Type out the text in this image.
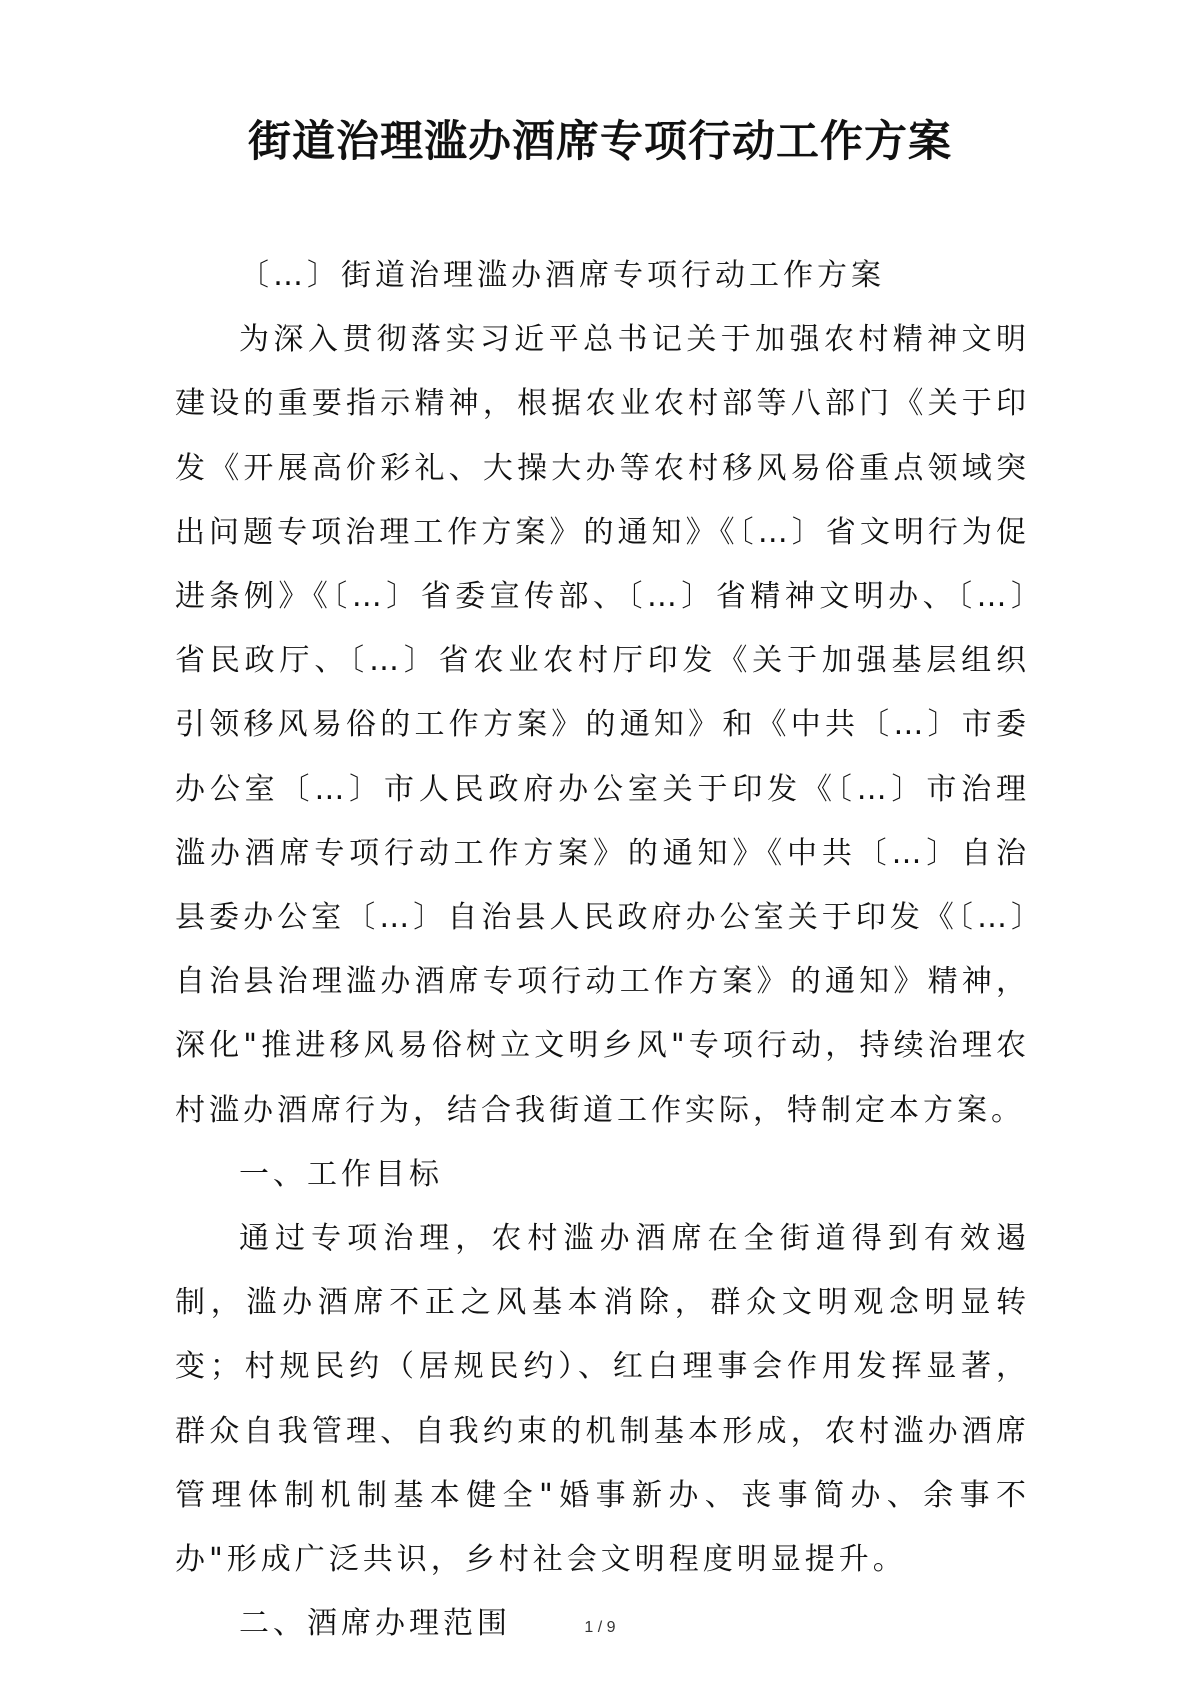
街道治理滥办酒席专项行动工作方案

〔…〕街道治理滥办酒席专项行动工作方案

为深入贯彻落实习近平总书记关于加强农村精神文明建设的重要指示精神，根据农业农村部等八部门《关于印发《开展高价彩礼、大操大办等农村移风易俗重点领域突出问题专项治理工作方案》的通知》《〔…〕省文明行为促进条例》《〔…〕省委宣传部、〔…〕省精神文明办、〔…〕省民政厅、〔…〕省农业农村厅印发《关于加强基层组织引领移风易俗的工作方案》的通知》和《中共〔…〕市委办公室〔…〕市人民政府办公室关于印发《〔…〕市治理滥办酒席专项行动工作方案》的通知》《中共〔…〕自治县委办公室〔…〕自治县人民政府办公室关于印发《〔…〕自治县治理滥办酒席专项行动工作方案》的通知》精神，深化"推进移风易俗树立文明乡风"专项行动，持续治理农村滥办酒席行为，结合我街道工作实际，特制定本方案。

一、工作目标

通过专项治理，农村滥办酒席在全街道得到有效遏制，滥办酒席不正之风基本消除，群众文明观念明显转变；村规民约（居规民约）、红白理事会作用发挥显著，群众自我管理、自我约束的机制基本形成，农村滥办酒席管理体制机制基本健全"婚事新办、丧事简办、余事不办"形成广泛共识，乡村社会文明程度明显提升。

二、酒席办理范围	1 / 9
